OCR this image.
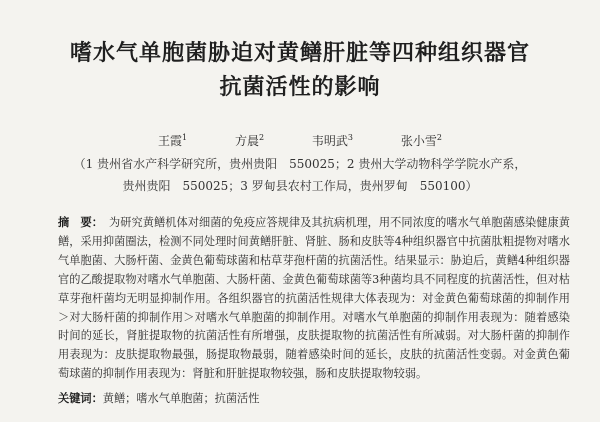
嗜水气单胞菌胁迫对黄鳝肝脏等四种组织器官
抗菌活性的影响
王霞$^1$	方晨$^2$	韦明武$^3$	张小雪$^2$
（1 贵州省水产科学研究所，贵州贵阳　550025；2 贵州大学动物科学学院水产系，
贵州贵阳　550025；3 罗甸县农村工作局，贵州罗甸　550100）
摘　要： 为研究黄鳝机体对细菌的免疫应答规律及其抗病机理，用不同浓度的嗜水气单胞菌感染健康黄鳝，采用抑菌圈法，检测不同处理时间黄鳝肝脏、肾脏、肠和皮肤等4种组织器官中抗菌肽粗提物对嗜水气单胞菌、大肠杆菌、金黄色葡萄球菌和枯草芽孢杆菌的抗菌活性。结果显示：胁迫后，黄鳝4种组织器官的乙酸提取物对嗜水气单胞菌、大肠杆菌、金黄色葡萄球菌等3种菌均具不同程度的抗菌活性，但对枯草芽孢杆菌均无明显抑制作用。各组织器官的抗菌活性规律大体表现为：对金黄色葡萄球菌的抑制作用＞对大肠杆菌的抑制作用＞对嗜水气单胞菌的抑制作用。对嗜水气单胞菌的抑制作用表现为：随着感染时间的延长，肾脏提取物的抗菌活性有所增强，皮肤提取物的抗菌活性有所减弱。对大肠杆菌的抑制作用表现为：皮肤提取物最强，肠提取物最弱，随着感染时间的延长，皮肤的抗菌活性变弱。对金黄色葡萄球菌的抑制作用表现为：肾脏和肝脏提取物较强，肠和皮肤提取物较弱。
关键词：黄鳝；嗜水气单胞菌；抗菌活性
